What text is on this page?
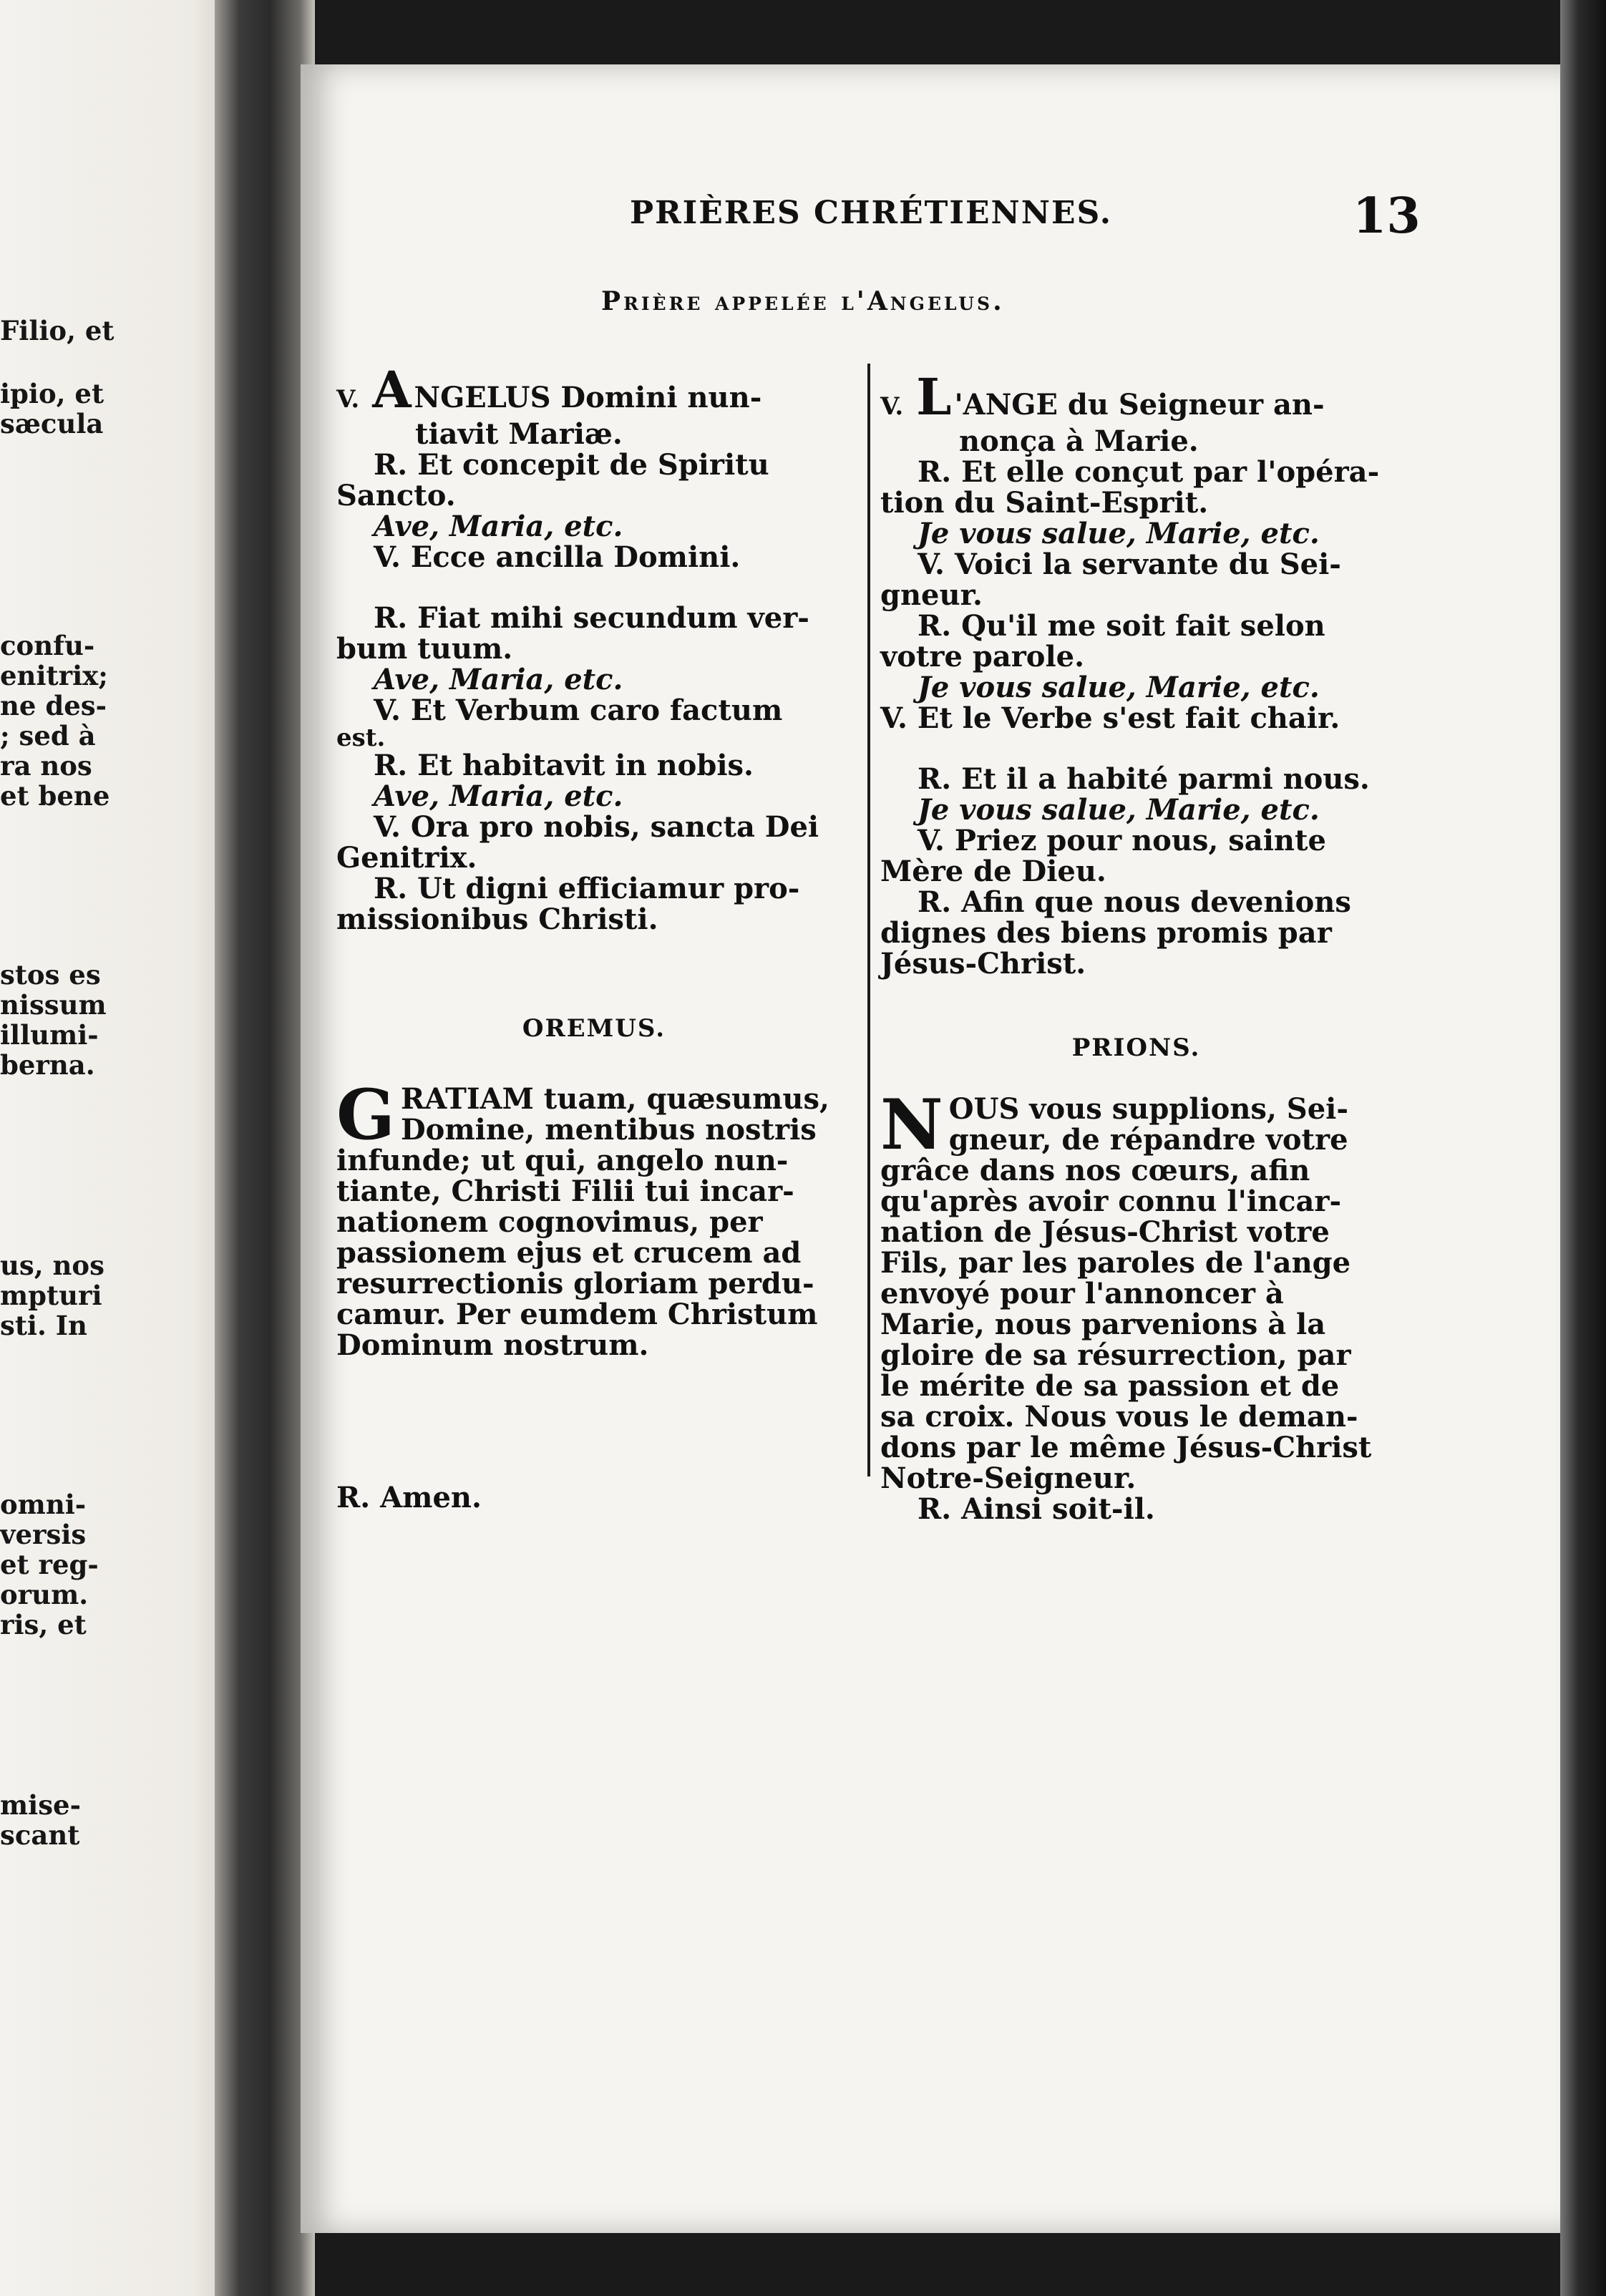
PRIÈRES CHRÉTIENNES.	13
Prière appelée l'Angelus.

V. A NGELUS Domini nun-

tiavit Mariæ.

R. Et concepit de Spiritu

Sancto.

Ave, Maria, etc.

V. Ecce ancilla Domini.

R. Fiat mihi secundum ver-

bum tuum.

Ave, Maria, etc.

V. Et Verbum caro factum

est.

R. Et habitavit in nobis.

Ave, Maria, etc.

V. Ora pro nobis, sancta Dei

Genitrix.

R. Ut digni efficiamur pro-

missionibus Christi.

OREMUS.

G RATIAM tuam, quæsumus,

Domine, mentibus nostris

infunde; ut qui, angelo nun-

tiante, Christi Filii tui incar-

nationem cognovimus, per

passionem ejus et crucem ad

resurrectionis gloriam perdu-

camur. Per eumdem Christum

Dominum nostrum.

R. Amen.

V. L 'ANGE du Seigneur an-

nonça à Marie.

R. Et elle conçut par l'opéra-

tion du Saint-Esprit.

Je vous salue, Marie, etc.

V. Voici la servante du Sei-

gneur.

R. Qu'il me soit fait selon

votre parole.

Je vous salue, Marie, etc.

V. Et le Verbe s'est fait chair.

R. Et il a habité parmi nous.

Je vous salue, Marie, etc.

V. Priez pour nous, sainte

Mère de Dieu.

R. Afin que nous devenions

dignes des biens promis par

Jésus-Christ.

PRIONS.

N OUS vous supplions, Sei-

gneur, de répandre votre

grâce dans nos cœurs, afin

qu'après avoir connu l'incar-

nation de Jésus-Christ votre

Fils, par les paroles de l'ange

envoyé pour l'annoncer à

Marie, nous parvenions à la

gloire de sa résurrection, par

le mérite de sa passion et de

sa croix. Nous vous le deman-

dons par le même Jésus-Christ

Notre-Seigneur.

R. Ainsi soit-il.

Filio, et
ipio, et
sæcula
confu-
enitrix;
ne des-
; sed à
ra nos
et bene
stos es
nissum
illumi-
berna.
us, nos
mpturi
sti. In
omni-
versis
et reg-
orum.
ris, et
mise-
scant
